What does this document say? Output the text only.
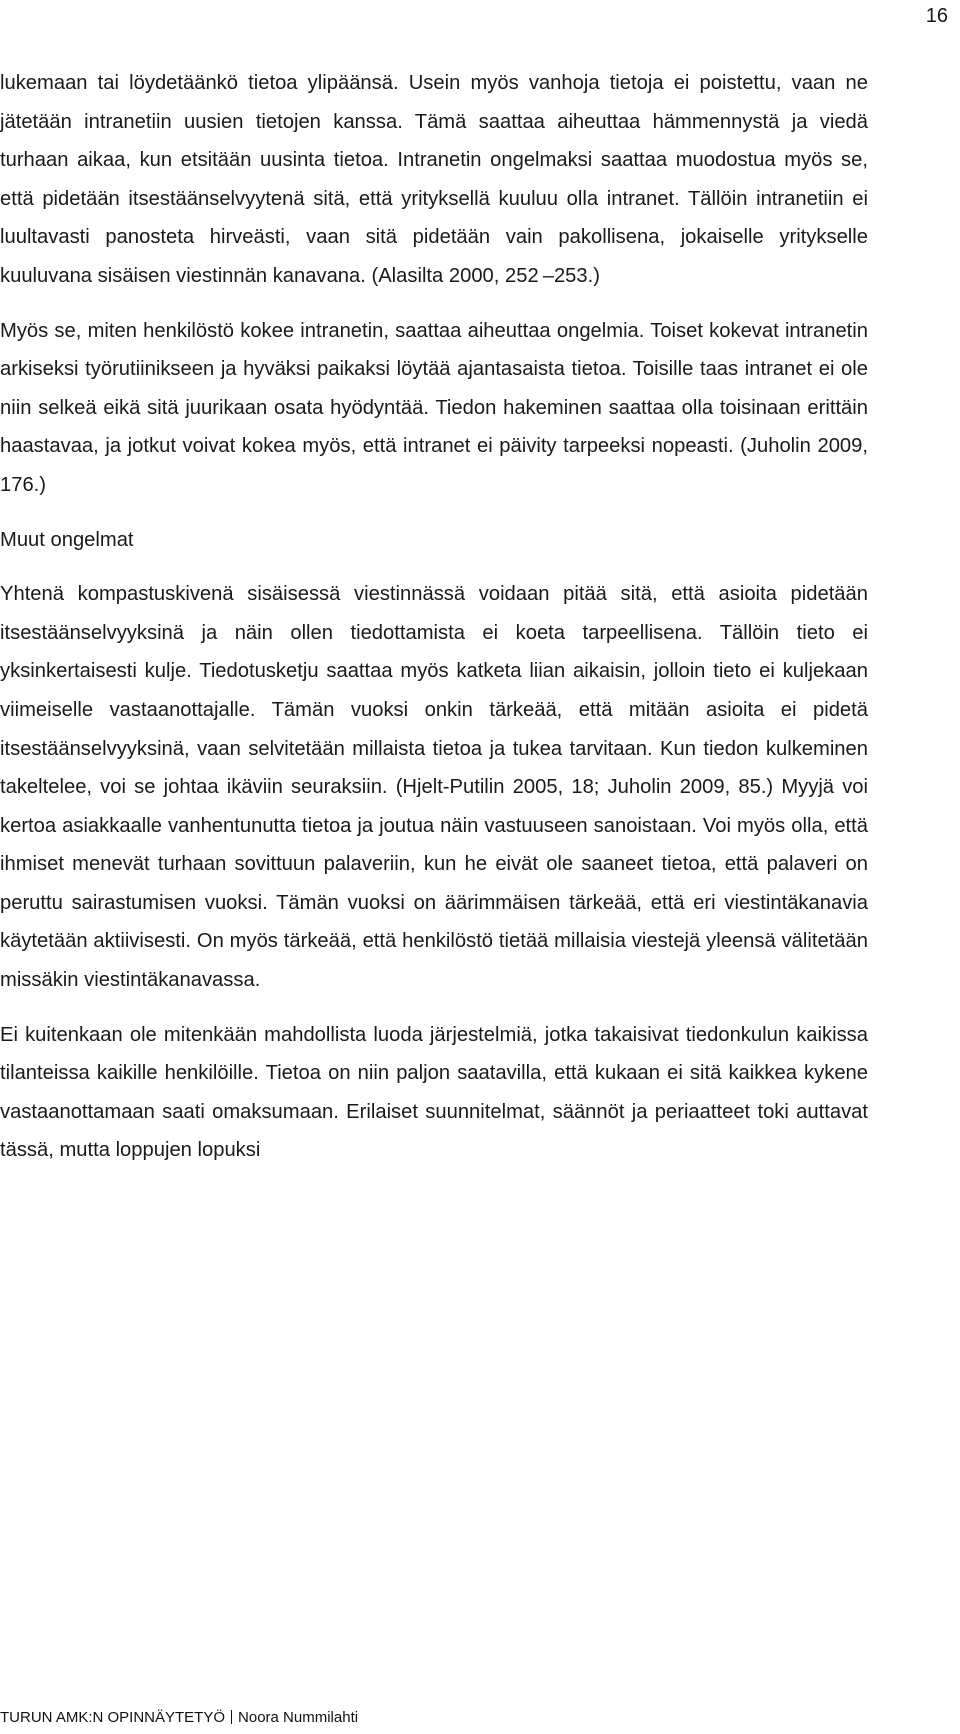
16

lukemaan tai löydetäänkö tietoa ylipäänsä. Usein myös vanhoja tietoja ei poistettu, vaan ne jätetään intranetiin uusien tietojen kanssa. Tämä saattaa aiheuttaa hämmennystä ja viedä turhaan aikaa, kun etsitään uusinta tietoa. Intranetin ongelmaksi saattaa muodostua myös se, että pidetään itsestäänselvyytenä sitä, että yrityksellä kuuluu olla intranet. Tällöin intranetiin ei luultavasti panosteta hirveästi, vaan sitä pidetään vain pakollisena, jokaiselle yritykselle kuuluvana sisäisen viestinnän kanavana. (Alasilta 2000, 252 –253.)

Myös se, miten henkilöstö kokee intranetin, saattaa aiheuttaa ongelmia. Toiset kokevat intranetin arkiseksi työrutiinikseen ja hyväksi paikaksi löytää ajantasaista tietoa. Toisille taas intranet ei ole niin selkeä eikä sitä juurikaan osata hyödyntää. Tiedon hakeminen saattaa olla toisinaan erittäin haastavaa, ja jotkut voivat kokea myös, että intranet ei päivity tarpeeksi nopeasti. (Juholin 2009, 176.)

Muut ongelmat

Yhtenä kompastuskivenä sisäisessä viestinnässä voidaan pitää sitä, että asioita pidetään itsestäänselvyyksinä ja näin ollen tiedottamista ei koeta tarpeellisena. Tällöin tieto ei yksinkertaisesti kulje. Tiedotusketju saattaa myös katketa liian aikaisin, jolloin tieto ei kuljekaan viimeiselle vastaanottajalle. Tämän vuoksi onkin tärkeää, että mitään asioita ei pidetä itsestäänselvyyksinä, vaan selvitetään millaista tietoa ja tukea tarvitaan. Kun tiedon kulkeminen takeltelee, voi se johtaa ikäviin seuraksiin. (Hjelt-Putilin 2005, 18; Juholin 2009, 85.) Myyjä voi kertoa asiakkaalle vanhentunutta tietoa ja joutua näin vastuuseen sanoistaan. Voi myös olla, että ihmiset menevät turhaan sovittuun palaveriin, kun he eivät ole saaneet tietoa, että palaveri on peruttu sairastumisen vuoksi. Tämän vuoksi on äärimmäisen tärkeää, että eri viestintäkanavia käytetään aktiivisesti. On myös tärkeää, että henkilöstö tietää millaisia viestejä yleensä välitetään missäkin viestintäkanavassa.

Ei kuitenkaan ole mitenkään mahdollista luoda järjestelmiä, jotka takaisivat tiedonkulun kaikissa tilanteissa kaikille henkilöille. Tietoa on niin paljon saatavilla, että kukaan ei sitä kaikkea kykene vastaanottamaan saati omaksumaan. Erilaiset suunnitelmat, säännöt ja periaatteet toki auttavat tässä, mutta loppujen lopuksi

TURUN AMK:N OPINNÄYTETYÖ Noora Nummilahti
